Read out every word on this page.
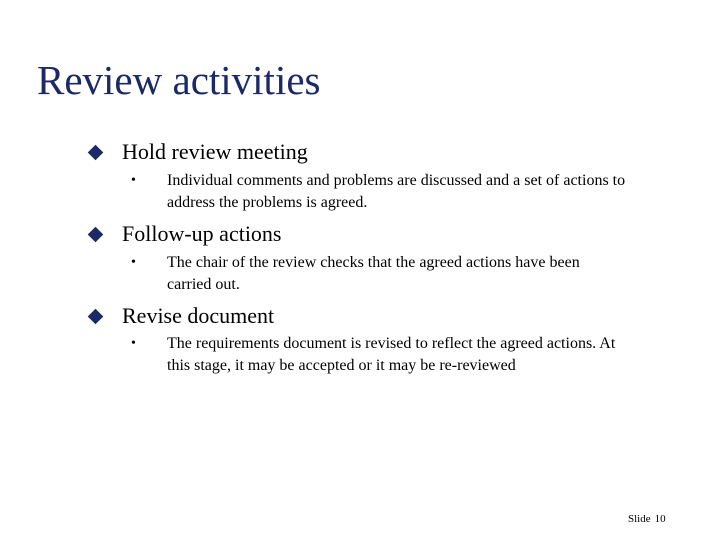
Review activities
Hold review meeting
• Individual comments and problems are discussed and a set of actions to
address the problems is agreed.
Follow-up actions
• The chair of the review checks that the agreed actions have been
carried out.
Revise document
• The requirements document is revised to reflect the agreed actions. At
this stage, it may be accepted or it may be re-reviewed
Slide 10
